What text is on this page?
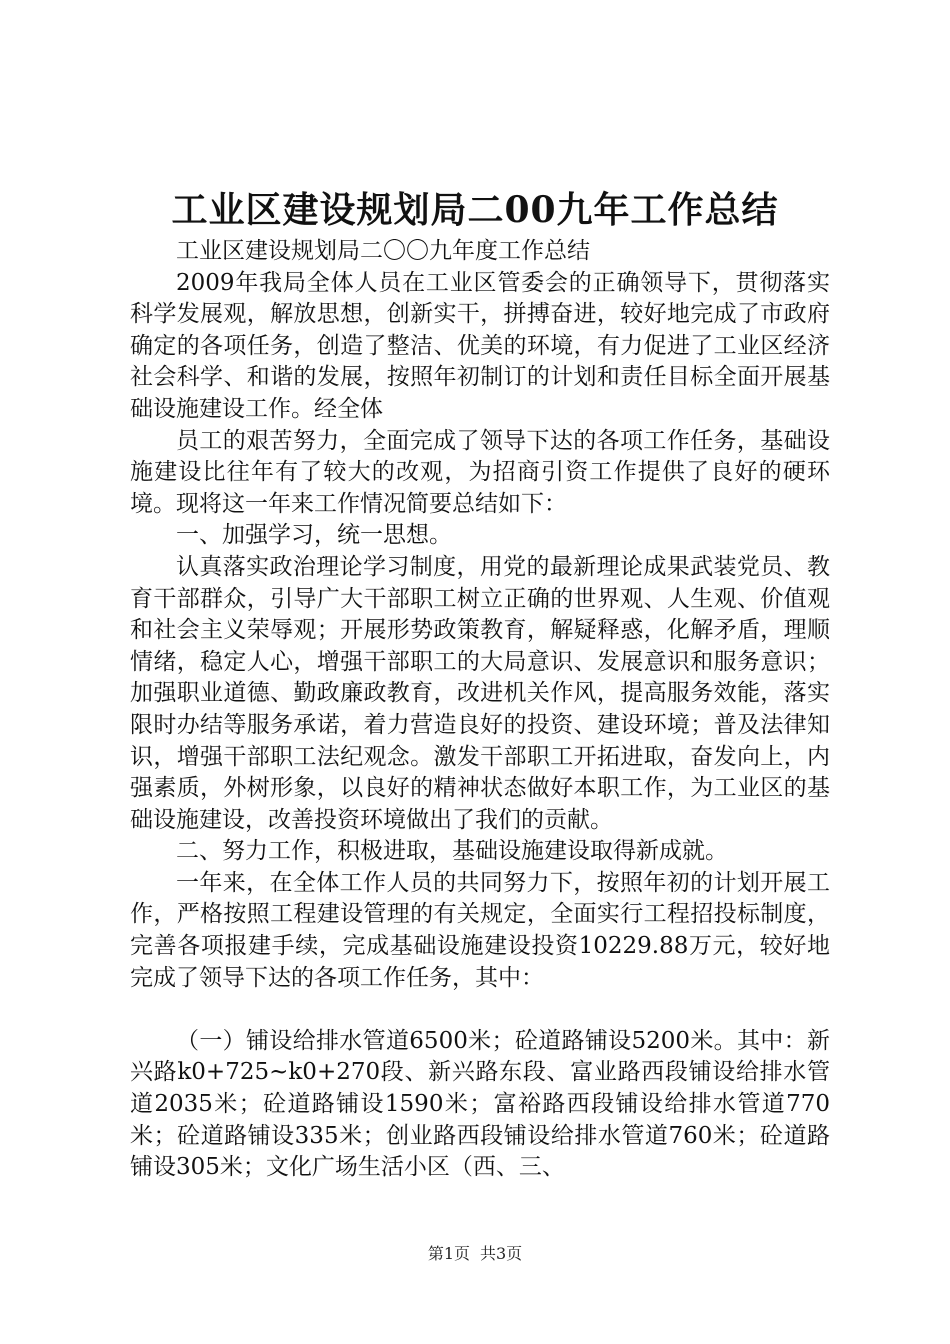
工业区建设规划局二00九年工作总结

工业区建设规划局二〇〇九年度工作总结

2009年我局全体人员在工业区管委会的正确领导下，贯彻落实科学发展观，解放思想，创新实干，拼搏奋进，较好地完成了市政府确定的各项任务，创造了整洁、优美的环境，有力促进了工业区经济社会科学、和谐的发展，按照年初制订的计划和责任目标全面开展基础设施建设工作。经全体

员工的艰苦努力，全面完成了领导下达的各项工作任务，基础设施建设比往年有了较大的改观，为招商引资工作提供了良好的硬环境。现将这一年来工作情况简要总结如下：

一、加强学习，统一思想。

认真落实政治理论学习制度，用党的最新理论成果武装党员、教育干部群众，引导广大干部职工树立正确的世界观、人生观、价值观和社会主义荣辱观；开展形势政策教育，解疑释惑，化解矛盾，理顺情绪，稳定人心，增强干部职工的大局意识、发展意识和服务意识；加强职业道德、勤政廉政教育，改进机关作风，提高服务效能，落实限时办结等服务承诺，着力营造良好的投资、建设环境；普及法律知识，增强干部职工法纪观念。激发干部职工开拓进取，奋发向上，内强素质，外树形象，以良好的精神状态做好本职工作，为工业区的基础设施建设，改善投资环境做出了我们的贡献。

二、努力工作，积极进取，基础设施建设取得新成就。

一年来，在全体工作人员的共同努力下，按照年初的计划开展工作，严格按照工程建设管理的有关规定，全面实行工程招投标制度，完善各项报建手续，完成基础设施建设投资10229.88万元，较好地完成了领导下达的各项工作任务，其中：

（一）铺设给排水管道6500米；砼道路铺设5200米。其中：新兴路k0+725~k0+270段、新兴路东段、富业路西段铺设给排水管道2035米；砼道路铺设1590米；富裕路西段铺设给排水管道770米；砼道路铺设335米；创业路西段铺设给排水管道760米；砼道路铺设305米；文化广场生活小区（西、三、

第1页 共3页
